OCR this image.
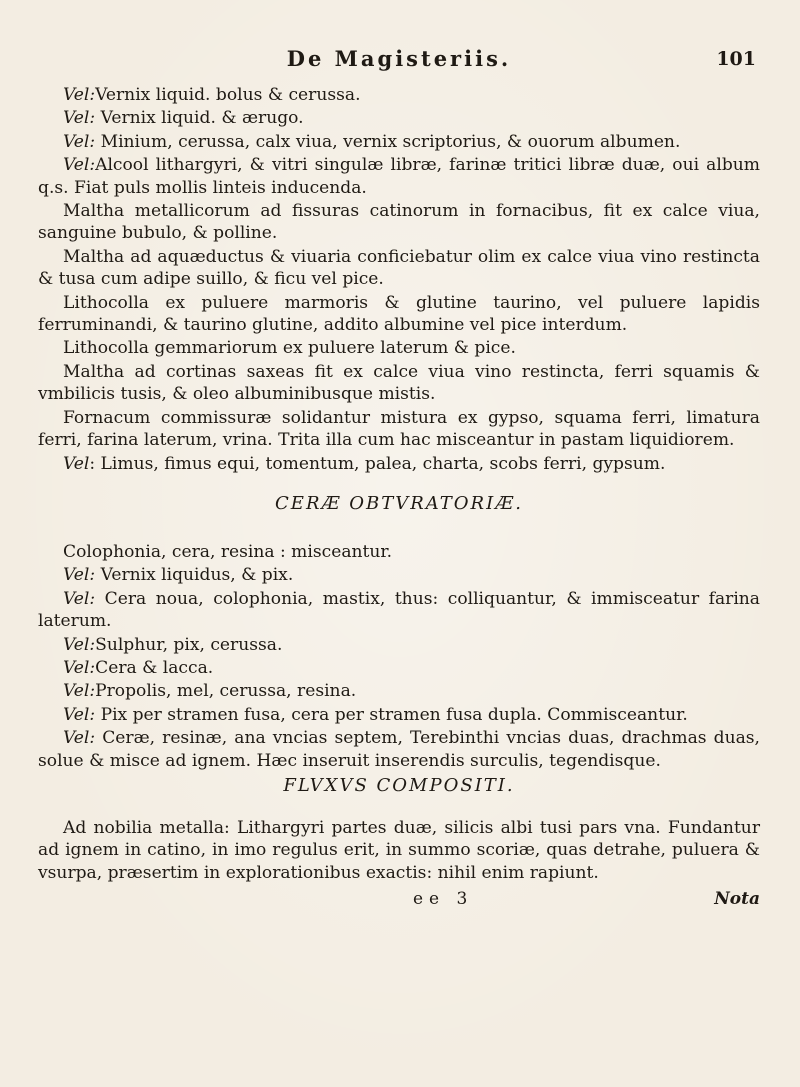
De Magisteriis.	101

Vel:Vernix liquid. bolus & cerussa.

Vel: Vernix liquid. & ærugo.

Vel: Minium, cerussa, calx viua, vernix scriptorius, & ouorum albumen.

Vel:Alcool lithargyri, & vitri singulæ libræ, farinæ tritici libræ duæ, oui album q.s. Fiat puls mollis linteis inducenda.

Maltha metallicorum ad fissuras catinorum in fornacibus, fit ex calce viua, sanguine bubulo, & polline.

Maltha ad aquæductus & viuaria conficiebatur olim ex calce viua vino restincta & tusa cum adipe suillo, & ficu vel pice.

Lithocolla ex puluere marmoris & glutine taurino, vel puluere lapidis ferruminandi, & taurino glutine, addito albumine vel pice interdum.

Lithocolla gemmariorum ex puluere laterum & pice.

Maltha ad cortinas saxeas fit ex calce viua vino restincta, ferri squamis & vmbilicis tusis, & oleo albuminibusque mistis.

Fornacum commissuræ solidantur mistura ex gypso, squama ferri, limatura ferri, farina laterum, vrina. Trita illa cum hac misceantur in pastam liquidiorem.

Vel: Limus, fimus equi, tomentum, palea, charta, scobs ferri, gypsum.

CERÆ OBTVRATORIÆ.

Colophonia, cera, resina : misceantur.

Vel: Vernix liquidus, & pix.

Vel: Cera noua, colophonia, mastix, thus: colliquantur, & immisceatur farina laterum.

Vel:Sulphur, pix, cerussa.

Vel:Cera & lacca.

Vel:Propolis, mel, cerussa, resina.

Vel: Pix per stramen fusa, cera per stramen fusa dupla. Commisceantur.

Vel: Ceræ, resinæ, ana vncias septem, Terebinthi vncias duas, drachmas duas, solue & misce ad ignem. Hæc inseruit inserendis surculis, tegendisque.

FLVXVS COMPOSITI.

Ad nobilia metalla: Lithargyri partes duæ, silicis albi tusi pars vna. Fundantur ad ignem in catino, in imo regulus erit, in summo scoriæ, quas detrahe, puluera & vsurpa, præsertim in explorationibus exactis: nihil enim rapiunt.

ee 3	Nota
